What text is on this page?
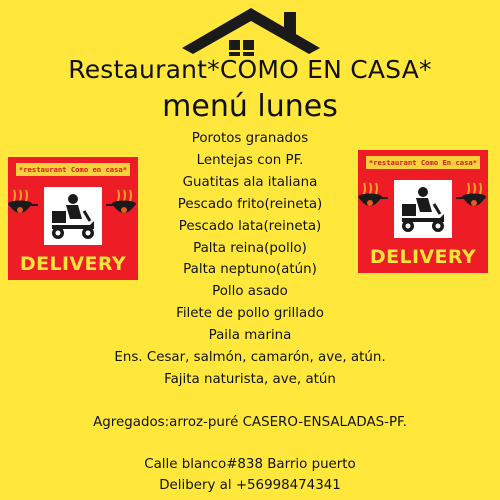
Restaurant*COMO EN CASA*
menú lunes
Porotos granados
Lentejas con PF.
Guatitas ala italiana
Pescado frito(reineta)
Pescado lata(reineta)
Palta reina(pollo)
Palta neptuno(atún)
Pollo asado
Filete de pollo grillado
Paila marina
Ens. Cesar, salmón, camarón, ave, atún.
Fajita naturista, ave, atún
Agregados:arroz-puré CASERO-ENSALADAS-PF.
Calle blanco#838 Barrio puerto
Delibery al +56998474341
*restaurant Como en casa*
DELIVERY
*restaurant Como En casa*
DELIVERY
